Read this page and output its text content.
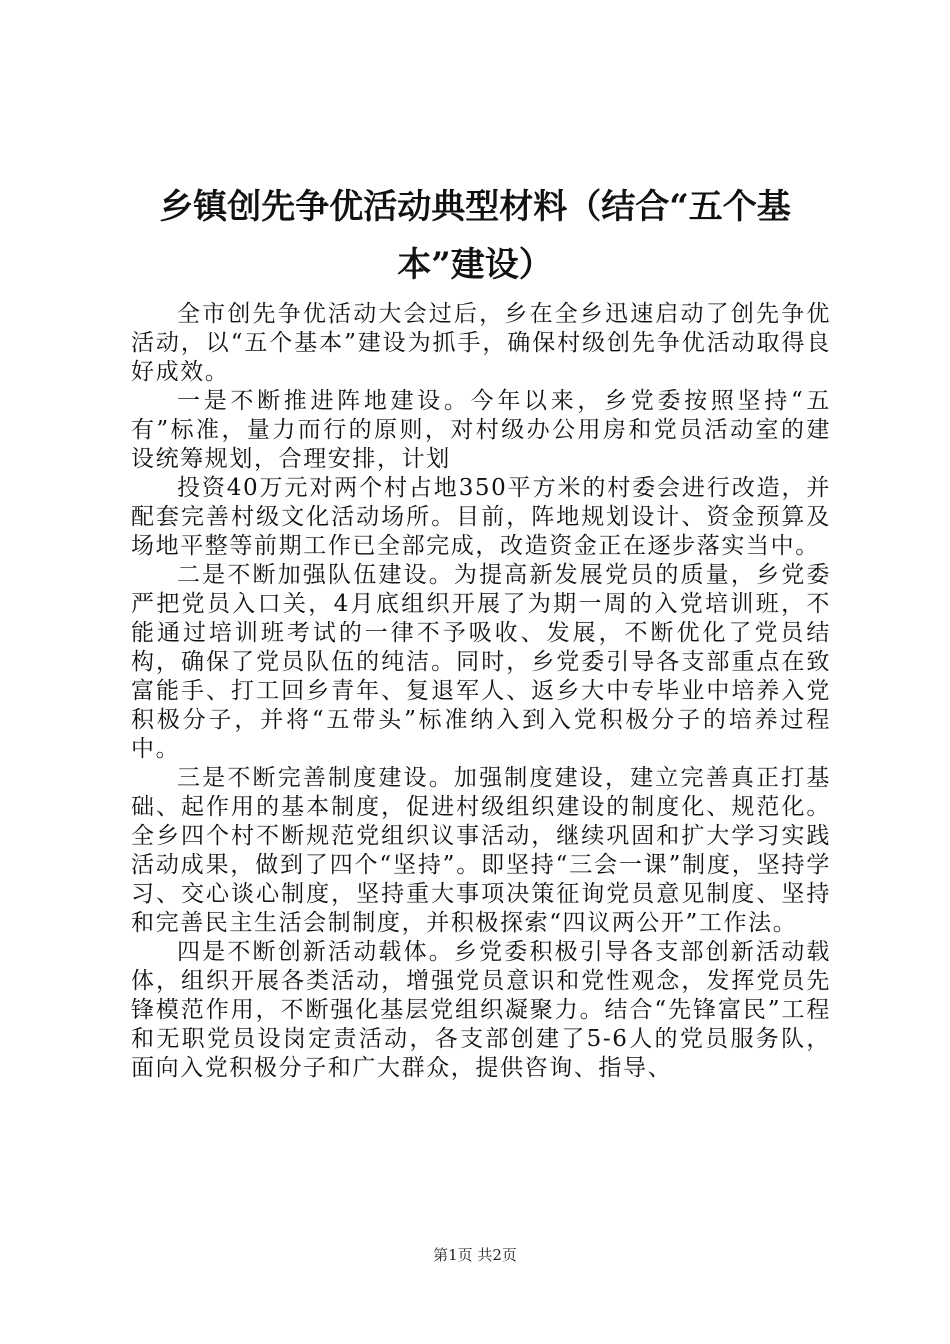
乡镇创先争优活动典型材料（结合“五个基
本”建设）

全市创先争优活动大会过后，乡在全乡迅速启动了创先争优活动，以“五个基本”建设为抓手，确保村级创先争优活动取得良好成效。

一是不断推进阵地建设。今年以来，乡党委按照坚持“五有”标准，量力而行的原则，对村级办公用房和党员活动室的建设统筹规划，合理安排，计划

投资40万元对两个村占地350平方米的村委会进行改造，并配套完善村级文化活动场所。目前，阵地规划设计、资金预算及场地平整等前期工作已全部完成，改造资金正在逐步落实当中。

二是不断加强队伍建设。为提高新发展党员的质量，乡党委严把党员入口关，4月底组织开展了为期一周的入党培训班，不能通过培训班考试的一律不予吸收、发展，不断优化了党员结构，确保了党员队伍的纯洁。同时，乡党委引导各支部重点在致富能手、打工回乡青年、复退军人、返乡大中专毕业中培养入党积极分子，并将“五带头”标准纳入到入党积极分子的培养过程中。

三是不断完善制度建设。加强制度建设，建立完善真正打基础、起作用的基本制度，促进村级组织建设的制度化、规范化。全乡四个村不断规范党组织议事活动，继续巩固和扩大学习实践活动成果，做到了四个“坚持”。即坚持“三会一课”制度，坚持学习、交心谈心制度，坚持重大事项决策征询党员意见制度、坚持和完善民主生活会制制度，并积极探索“四议两公开”工作法。

四是不断创新活动载体。乡党委积极引导各支部创新活动载体，组织开展各类活动，增强党员意识和党性观念，发挥党员先锋模范作用，不断强化基层党组织凝聚力。结合“先锋富民”工程和无职党员设岗定责活动，各支部创建了5-6人的党员服务队，面向入党积极分子和广大群众，提供咨询、指导、

第1页 共2页
